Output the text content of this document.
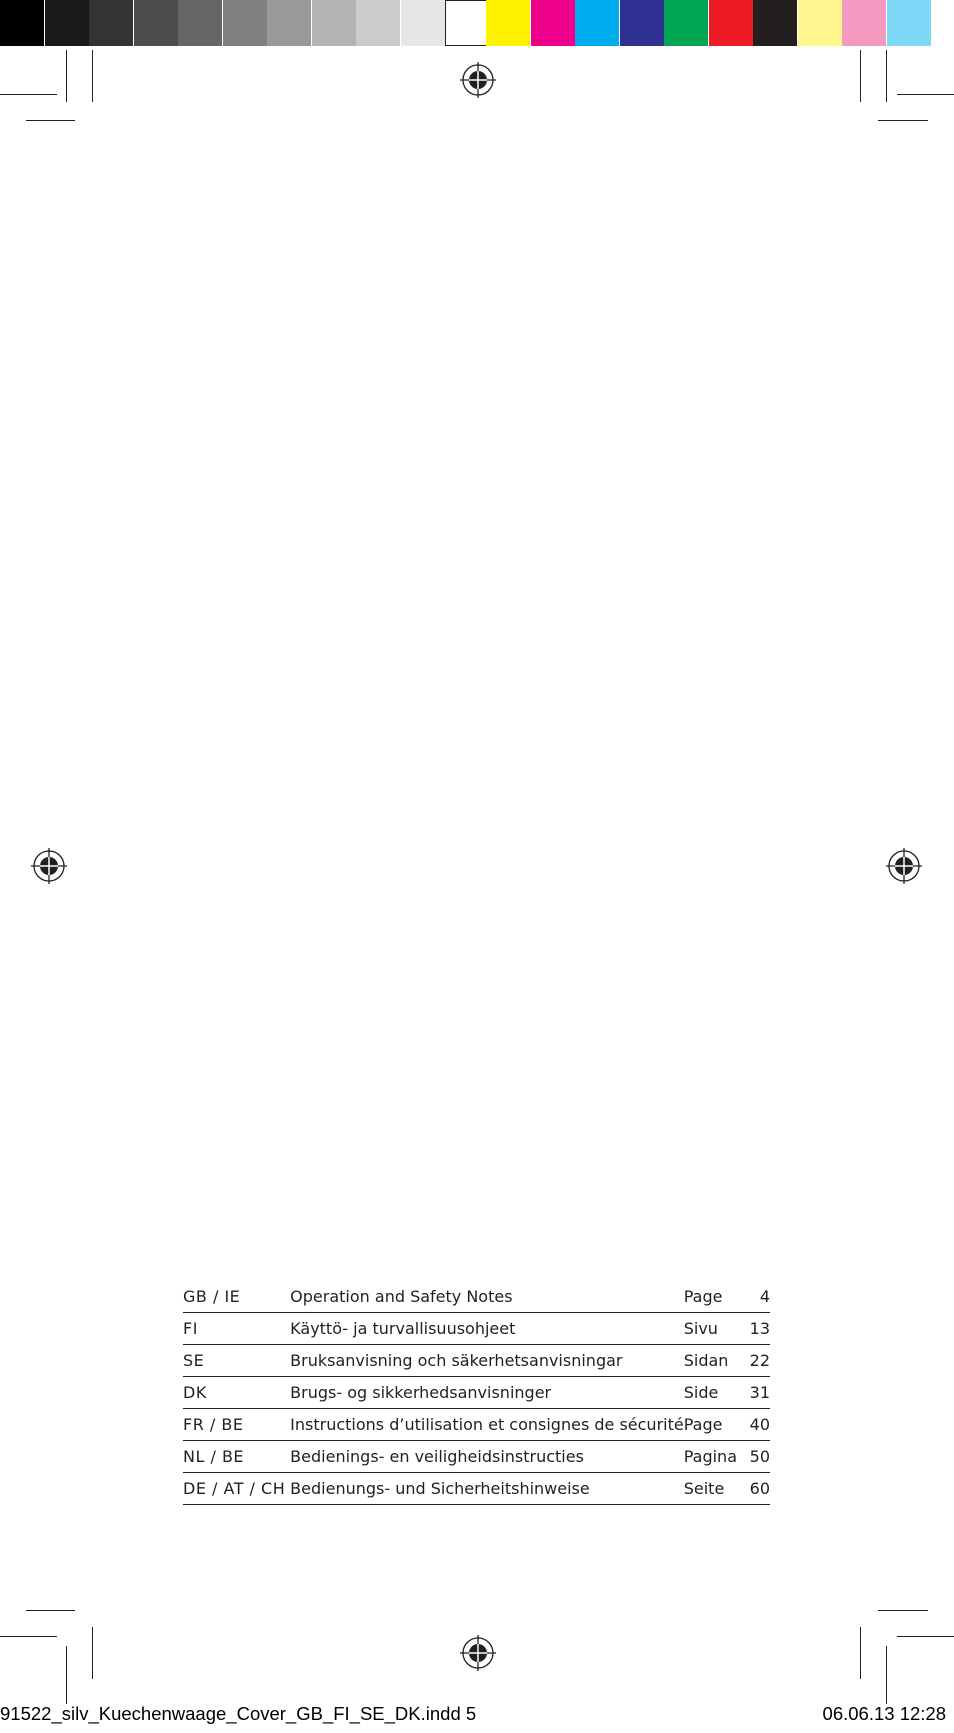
GB / IE	Operation and Safety Notes	Page	4
FI	Käyttö- ja turvallisuusohjeet	Sivu	13
SE	Bruksanvisning och säkerhetsanvisningar	Sidan	22
DK	Brugs- og sikkerhedsanvisninger	Side	31
FR / BE	Instructions d’utilisation et consignes de sécurité	Page	40
NL / BE	Bedienings- en veiligheidsinstructies	Pagina	50
DE / AT / CH	Bedienungs- und Sicherheitshinweise	Seite	60
91522_silv_Kuechenwaage_Cover_GB_FI_SE_DK.indd 5	06.06.13 12:28
